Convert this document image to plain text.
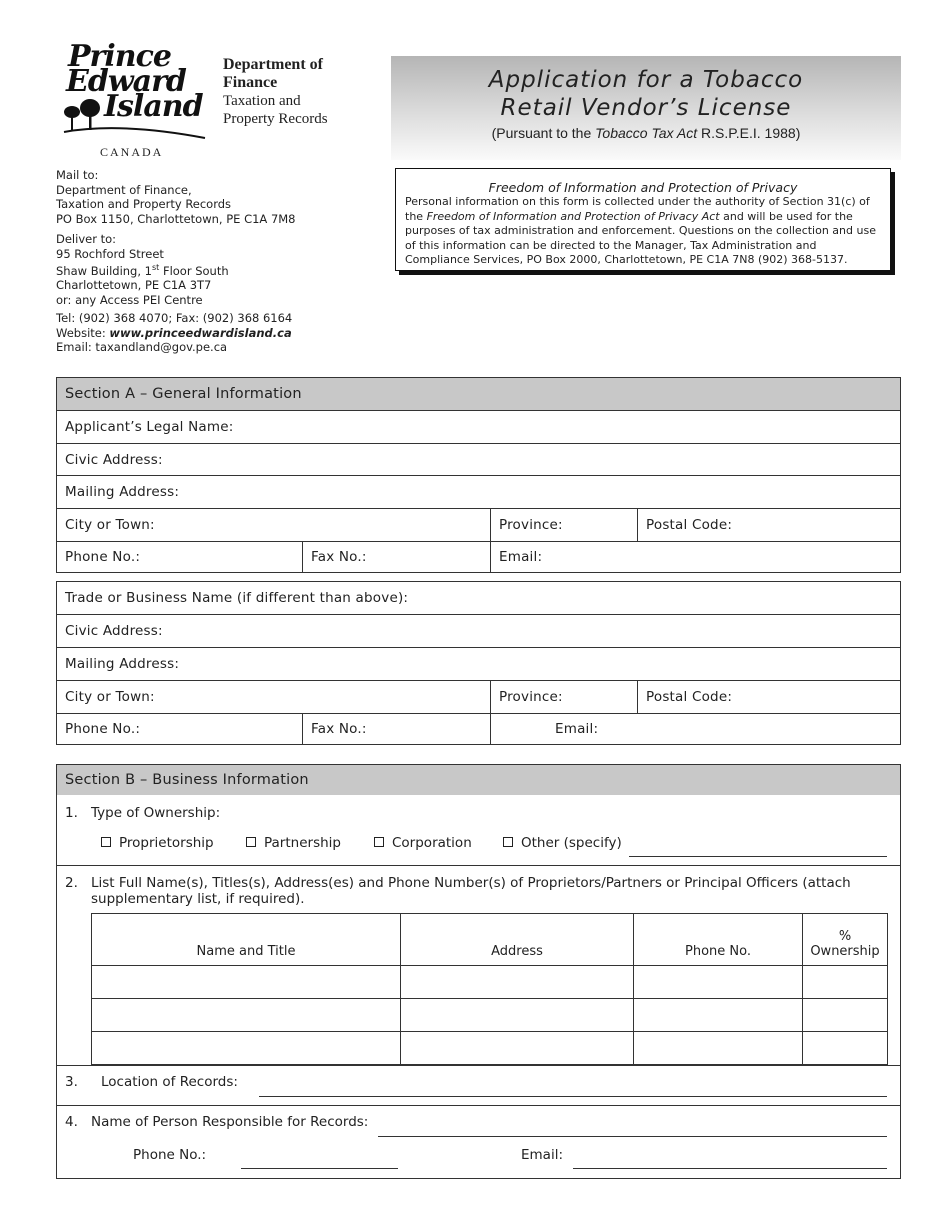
Prince
Edward
Island
CANADA
Department of
Finance
Taxation and
Property Records
Mail to:
Department of Finance,
Taxation and Property Records
PO Box 1150, Charlottetown, PE C1A 7M8
Deliver to:
95 Rochford Street
Shaw Building, 1st Floor South
Charlottetown, PE C1A 3T7
or: any Access PEI Centre
Tel: (902) 368 4070; Fax: (902) 368 6164
Website: www.princeedwardisland.ca
Email: taxandland@gov.pe.ca
Application for a Tobacco
Retail Vendor’s License
(Pursuant to the Tobacco Tax Act R.S.P.E.I. 1988)
Freedom of Information and Protection of Privacy
Personal information on this form is collected under the authority of Section 31(c) of the Freedom of Information and Protection of Privacy Act and will be used for the purposes of tax administration and enforcement. Questions on the collection and use of this information can be directed to the Manager, Tax Administration and Compliance Services, PO Box 2000, Charlottetown, PE C1A 7N8 (902) 368-5137.
Section A – General Information
Applicant’s Legal Name:
Civic Address:
Mailing Address:
City or Town:	Province:	Postal Code:
Phone No.:	Fax No.:	Email:
Trade or Business Name (if different than above):
Civic Address:
Mailing Address:
City or Town:	Province:	Postal Code:
Phone No.:	Fax No.:	Email:
Section B – Business Information
1. Type of Ownership:
Proprietorship	Partnership	Corporation	Other (specify)
2. List Full Name(s), Titles(s), Address(es) and Phone Number(s) of Proprietors/Partners or Principal Officers (attach
supplementary list, if required).
Name and Title	Address	Phone No.	%
Ownership

3. Location of Records:
4. Name of Person Responsible for Records:
Phone No.:	Email:
